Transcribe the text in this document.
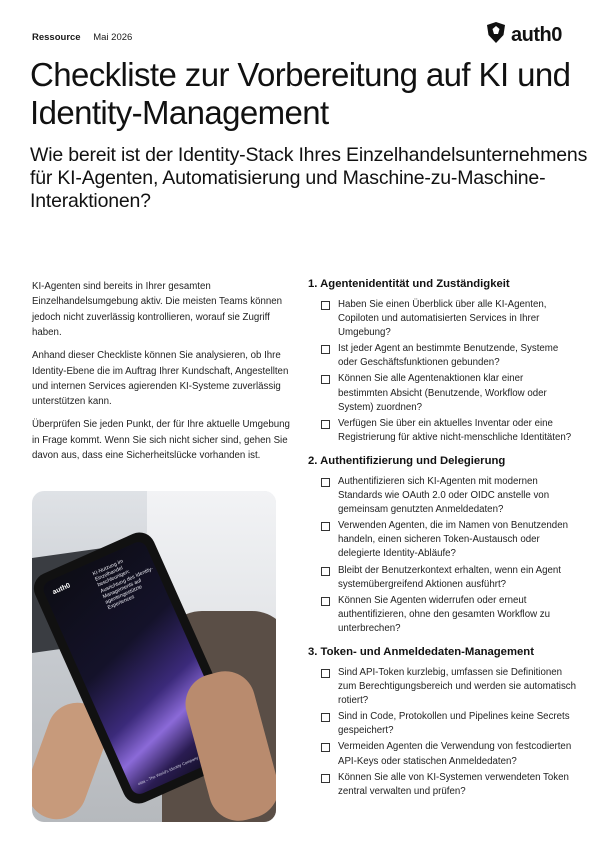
Ressource Mai 2026	auth0
Checkliste zur Vorbereitung auf KI und Identity-Management
Wie bereit ist der Identity-Stack Ihres Einzelhandelsunternehmens für KI-Agenten, Automatisierung und Maschine-zu-Maschine-Interaktionen?

KI-Agenten sind bereits in Ihrer gesamten Einzelhandelsumgebung aktiv. Die meisten Teams können jedoch nicht zuverlässig kontrollieren, worauf sie Zugriff haben.

Anhand dieser Checkliste können Sie analysieren, ob Ihre Identity-Ebene die im Auftrag Ihrer Kundschaft, Angestellten und internen Services agierenden KI-Systeme zuverlässig unterstützen kann.

Überprüfen Sie jeden Punkt, der für Ihre aktuelle Umgebung in Frage kommt. Wenn Sie sich nicht sicher sind, gehen Sie davon aus, dass eine Sicherheitslücke vorhanden ist.

auth0
KI-Nutzung im Einzelhandel beschleunigen: Ausrichtung des Identity-Managements auf agentengestützte Experiences
okta – The World's Identity Company
1. Agentenidentität und Zuständigkeit
Haben Sie einen Überblick über alle KI-Agenten, Copiloten und automatisierten Services in Ihrer Umgebung?
Ist jeder Agent an bestimmte Benutzende, Systeme oder Geschäftsfunktionen gebunden?
Können Sie alle Agentenaktionen klar einer bestimmten Absicht (Benutzende, Workflow oder System) zuordnen?
Verfügen Sie über ein aktuelles Inventar oder eine Registrierung für aktive nicht-menschliche Identitäten?
2. Authentifizierung und Delegierung
Authentifizieren sich KI-Agenten mit modernen Standards wie OAuth 2.0 oder OIDC anstelle von gemeinsam genutzten Anmeldedaten?
Verwenden Agenten, die im Namen von Benutzenden handeln, einen sicheren Token-Austausch oder delegierte Identity-Abläufe?
Bleibt der Benutzerkontext erhalten, wenn ein Agent systemübergreifend Aktionen ausführt?
Können Sie Agenten widerrufen oder erneut authentifizieren, ohne den gesamten Workflow zu unterbrechen?
3. Token- und Anmeldedaten-Management
Sind API-Token kurzlebig, umfassen sie Definitionen zum Berechtigungsbereich und werden sie automatisch rotiert?
Sind in Code, Protokollen und Pipelines keine Secrets gespeichert?
Vermeiden Agenten die Verwendung von festcodierten API-Keys oder statischen Anmeldedaten?
Können Sie alle von KI-Systemen verwendeten Token zentral verwalten und prüfen?
